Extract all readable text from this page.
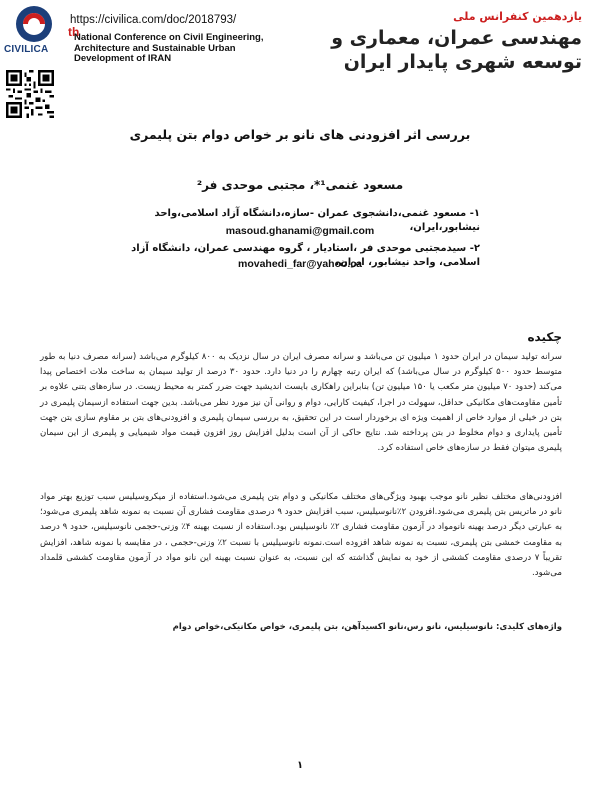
CIVILICA
https://civilica.com/doc/2018793/
th
National Conference on Civil Engineering, Architecture and Sustainable Urban Development of IRAN
یازدهمین کنفرانس ملی
مهندسی عمران، معماری و توسعه شهری پایدار ایران
بررسی اثر افزودنی های نانو بر خواص دوام بتن پلیمری
مسعود غنمی¹*، مجتبی موحدی فر²
۱- مسعود غنمی،دانشجوی عمران -سازه،دانشگاه آزاد اسلامی،واحد نیشابور،ایران،
masoud.ghanami@gmail.com
۲- سیدمجتبی موحدی فر ،استادیار ، گروه مهندسی عمران، دانشگاه آزاد اسلامی، واحد نیشابور، ایران،
movahedi_far@yahoo.ca
چکیده
سرانه تولید سیمان در ایران حدود ۱ میلیون تن می‌باشد و سرانه مصرف ایران در سال نزدیک به ۸۰۰ کیلوگرم می‌باشد (سرانه مصرف دنیا به طور متوسط حدود ۵۰۰ کیلوگرم در سال می‌باشد) که ایران رتبه چهارم را در دنیا دارد. حدود ۳۰ درصد از تولید سیمان به ساخت ملات اختصاص پیدا می‌کند (حدود ۷۰ میلیون متر مکعب یا ۱۵۰ میلیون تن) بنابراین راهکاری بایست اندیشید جهت ضرر کمتر به محیط زیست. در سازه‌های بتنی علاوه بر تأمین مقاومت‌های مکانیکی حداقل، سهولت در اجرا، کیفیت کارایی، دوام و روانی آن نیز مورد نظر می‌باشد. بدین جهت استفاده ازسیمان پلیمری در بتن در خیلی از موارد خاص از اهمیت ویژه ای برخوردار است در این تحقیق، به بررسی سیمان پلیمری و افزودنی‌های بتن بر مقاوم سازی بتن جهت تأمین پایداری و دوام مخلوط در بتن پرداخته شد. نتایج حاکی از آن است بدلیل افزایش روز افزون قیمت مواد شیمیایی و پلیمری از این سیمان پلیمری میتوان فقط در سازه‌های خاص استفاده کرد.
افزودنی‌های مختلف نظیر نانو موجب بهبود ویژگی‌های مختلف مکانیکی و دوام بتن پلیمری می‌شود.استفاده از میکروسیلیس سبب توزیع بهتر مواد نانو در ماتریس بتن پلیمری می‌شود.افزودن ۲٪نانوسیلیس، سبب افزایش حدود ۹ درصدی مقاومت فشاری آن نسبت به نمونه شاهد پلیمری می‌شود؛ به عبارتی دیگر درصد بهینه نانومواد در آزمون مقاومت فشاری ۲٪ نانوسیلیس بود.استفاده از نسبت بهینه ۴٪ وزنی-حجمی نانوسیلیس، حدود ۹ درصد به مقاومت خمشی بتن پلیمری، نسبت به نمونه شاهد افزوده است.نمونه نانوسیلیس با نسبت ۲٪ وزنی-حجمی ، در مقایسه با نمونه شاهد، افزایش تقریباً ۷ درصدی مقاومت کششی از خود به نمایش گذاشته که این نسبت، به عنوان نسبت بهینه این نانو مواد در آزمون مقاومت کششی قلمداد می‌شود.
واژه‌های کلیدی: نانوسیلیس، نانو رس،نانو اکسیدآهن، بتن پلیمری، خواص مکانیکی،خواص دوام
۱
